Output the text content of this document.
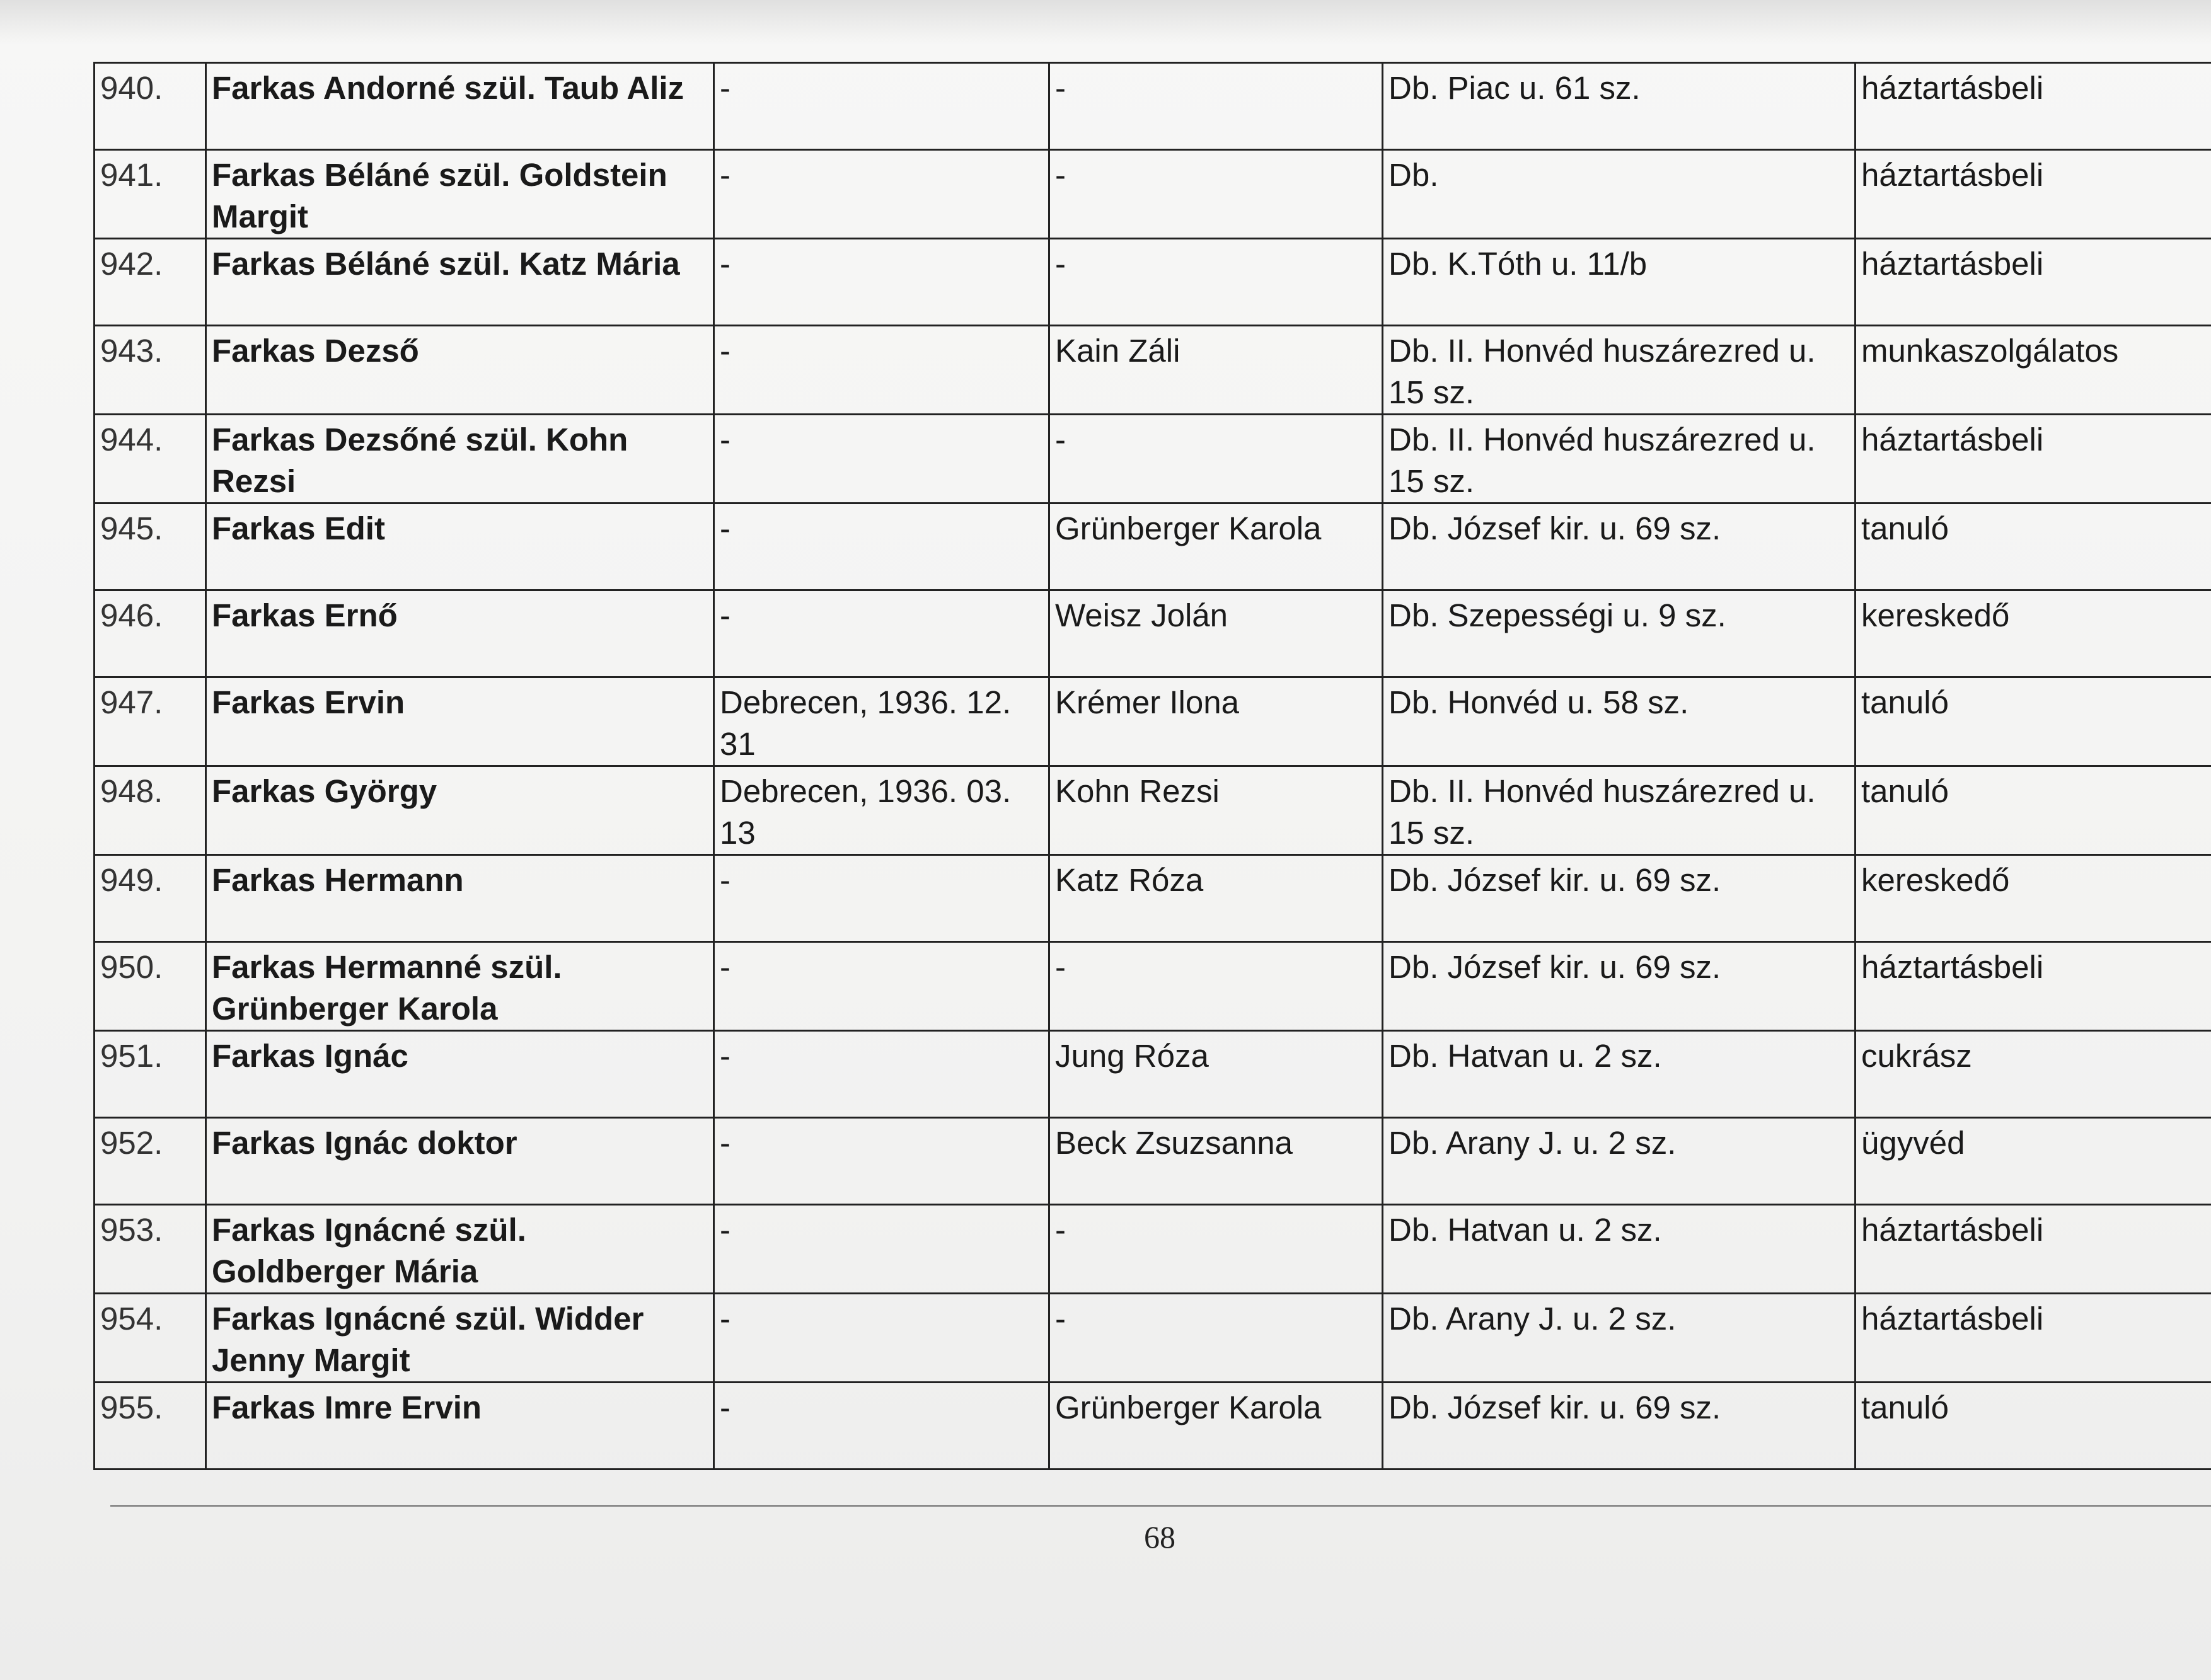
940.	Farkas Andorné szül. Taub Aliz	-	-	Db. Piac u. 61 sz.	háztartásbeli
941.	Farkas Béláné szül. Goldstein Margit	-	-	Db.	háztartásbeli
942.	Farkas Béláné szül. Katz Mária	-	-	Db. K.Tóth u. 11/b	háztartásbeli
943.	Farkas Dezső	-	Kain Záli	Db. II. Honvéd huszárezred u. 15 sz.	munkaszolgálatos
944.	Farkas Dezsőné szül. Kohn Rezsi	-	-	Db. II. Honvéd huszárezred u. 15 sz.	háztartásbeli
945.	Farkas Edit	-	Grünberger Karola	Db. József kir. u. 69 sz.	tanuló
946.	Farkas Ernő	-	Weisz Jolán	Db. Szepességi u. 9 sz.	kereskedő
947.	Farkas Ervin	Debrecen, 1936. 12. 31	Krémer Ilona	Db. Honvéd u. 58 sz.	tanuló
948.	Farkas György	Debrecen, 1936. 03. 13	Kohn Rezsi	Db. II. Honvéd huszárezred u. 15 sz.	tanuló
949.	Farkas Hermann	-	Katz Róza	Db. József kir. u. 69 sz.	kereskedő
950.	Farkas Hermanné szül. Grünberger Karola	-	-	Db. József kir. u. 69 sz.	háztartásbeli
951.	Farkas Ignác	-	Jung Róza	Db. Hatvan u. 2 sz.	cukrász
952.	Farkas Ignác doktor	-	Beck Zsuzsanna	Db. Arany J. u. 2 sz.	ügyvéd
953.	Farkas Ignácné szül. Goldberger Mária	-	-	Db. Hatvan u. 2 sz.	háztartásbeli
954.	Farkas Ignácné szül. Widder Jenny Margit	-	-	Db. Arany J. u. 2 sz.	háztartásbeli
955.	Farkas Imre Ervin	-	Grünberger Karola	Db. József kir. u. 69 sz.	tanuló
68
